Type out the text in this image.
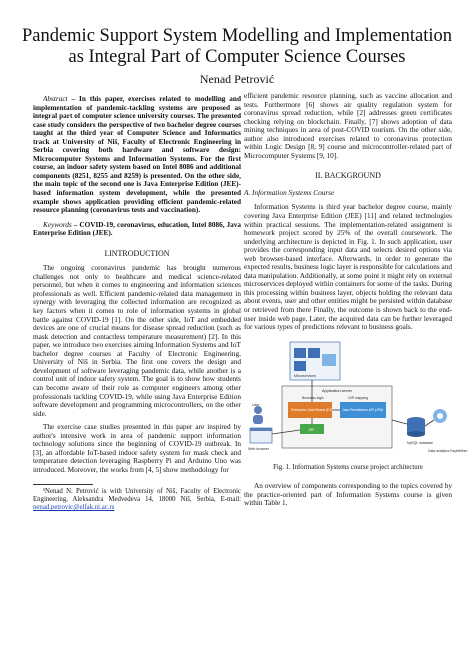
Pandemic Support System Modelling and Implementation
as Integral Part of Computer Science Courses
Nenad Petrović

Abstract – In this paper, exercises related to modelling and implementation of pandemic-tackling systems are proposed as integral part of computer science university courses. The presented case study considers the perspective of two bachelor degree courses taught at the third year of Computer Science and Informatics track at University of Niš, Faculty of Electronic Engineering in Serbia covering both hardware and software design: Microcomputer Systems and Information Systems. For the first course, an indoor safety system based on Intel 8086 and additional components (8251, 8255 and 8259) is presented. On the other side, the main topic of the second one is Java Enterprise Edition (JEE)-based information system development, while the presented example shows application providing efficient pandemic-related resource planning (coronavirus tests and vaccination).

Keywords – COVID-19, coronavirus, education, Intel 8086, Java Enterprise Edition (JEE).

I.INTRODUCTION

The ongoing coronavirus pandemic has brought numerous challenges not only to healthcare and medical science-related personnel, but when it comes to engineering and information sciences professionals as well. Efficient pandemic-related data management in synergy with leveraging the collected information are recognized as key factors when it comes to role of information systems in global battle against COVID-19 [1]. On the other side, IoT and embedded devices are one of crucial means for disease spread reduction (such as mask detection and contactless temperature measurement) [2]. In this paper, we introduce two exercises aiming Information Systems and IoT bachelor degree courses at Faculty of Electronic Engineering, University of Niš in Serbia. The first one covers the design and development of software leveraging pandemic data, while another is a control unit of indoor safety system. The goal is to show how students can become aware of their role as computer engineers among other professionals tackling COVID-19, while using Java Enterprise Edition software development and programming microcontrollers, on the other side.

The exercise case studies presented in this paper are inspired by author's intensive work in area of pandemic support information technology solutions since the beginning of COVID-19 outbreak. In [3], an affordable IoT-based indoor safety system for mask check and temperature detection leveraging Raspberry Pi and Arduino Uno was introduced. Moreover, the works from [4, 5] show methodology for

¹Nenad N. Petrović is with University of Niš, Faculty of Electronic Engineering, Aleksandra Medvedeva 14, 18000 Niš, Serbia, E-mail: nenad.petrovic@elfak.ni.ac.rs

efficient pandemic resource planning, such as vaccine allocation and tests. Furthermore [6] shows air quality regulation system for coronavirus spread reduction, while [2] addresses green certificates checking relying on blockchain. Finally, [7] shows adoption of data mining techniques in area of post-COVID tourism. On the other side, author also introduced exercises related to coronavirus protection within Logic Design [8, 9] course and microcontroller-related part of Microcomputer Systems [9, 10].

II. BACKGROUND
A. Information Systems Course

Information Systems is third year bachelor degree course, mainly covering Java Enterprise Edition (JEE) [11] and related technologies within practical sessions. The implementation-related assignment is homework project scored by 25% of the overall coursework. The underlying architecture is depicted in Fig. 1. In such application, user provides the corresponding input data and selects desired options via web browser-based interface. Afterwards, in order to generate the expected results, business logic layer is responsible for calculations and data manipulation. Additionally, at some point it might rely on external microservices deployed within containers for some of the tasks. During this processing within business layer, objects holding the relevant data about events, user and other entities might be persisted within database or retrieved from there Finally, the outcome is shown back to the end-user inside web page. Later, the acquired data can be further leveraged for various types of predictions relevant to business goals.

Web browser
User
Microservices
Application server
Business logic	O/R mapping
Enterprise Java Beans (EJB) Java Persistence API (JPA)
JSF
MySQL database
Data analytics RapidMiner
Fig. 1. Information Systems course project architecture

An overview of components corresponding to the topics covered by the practice-oriented part of Information Systems course is given within Table 1.
